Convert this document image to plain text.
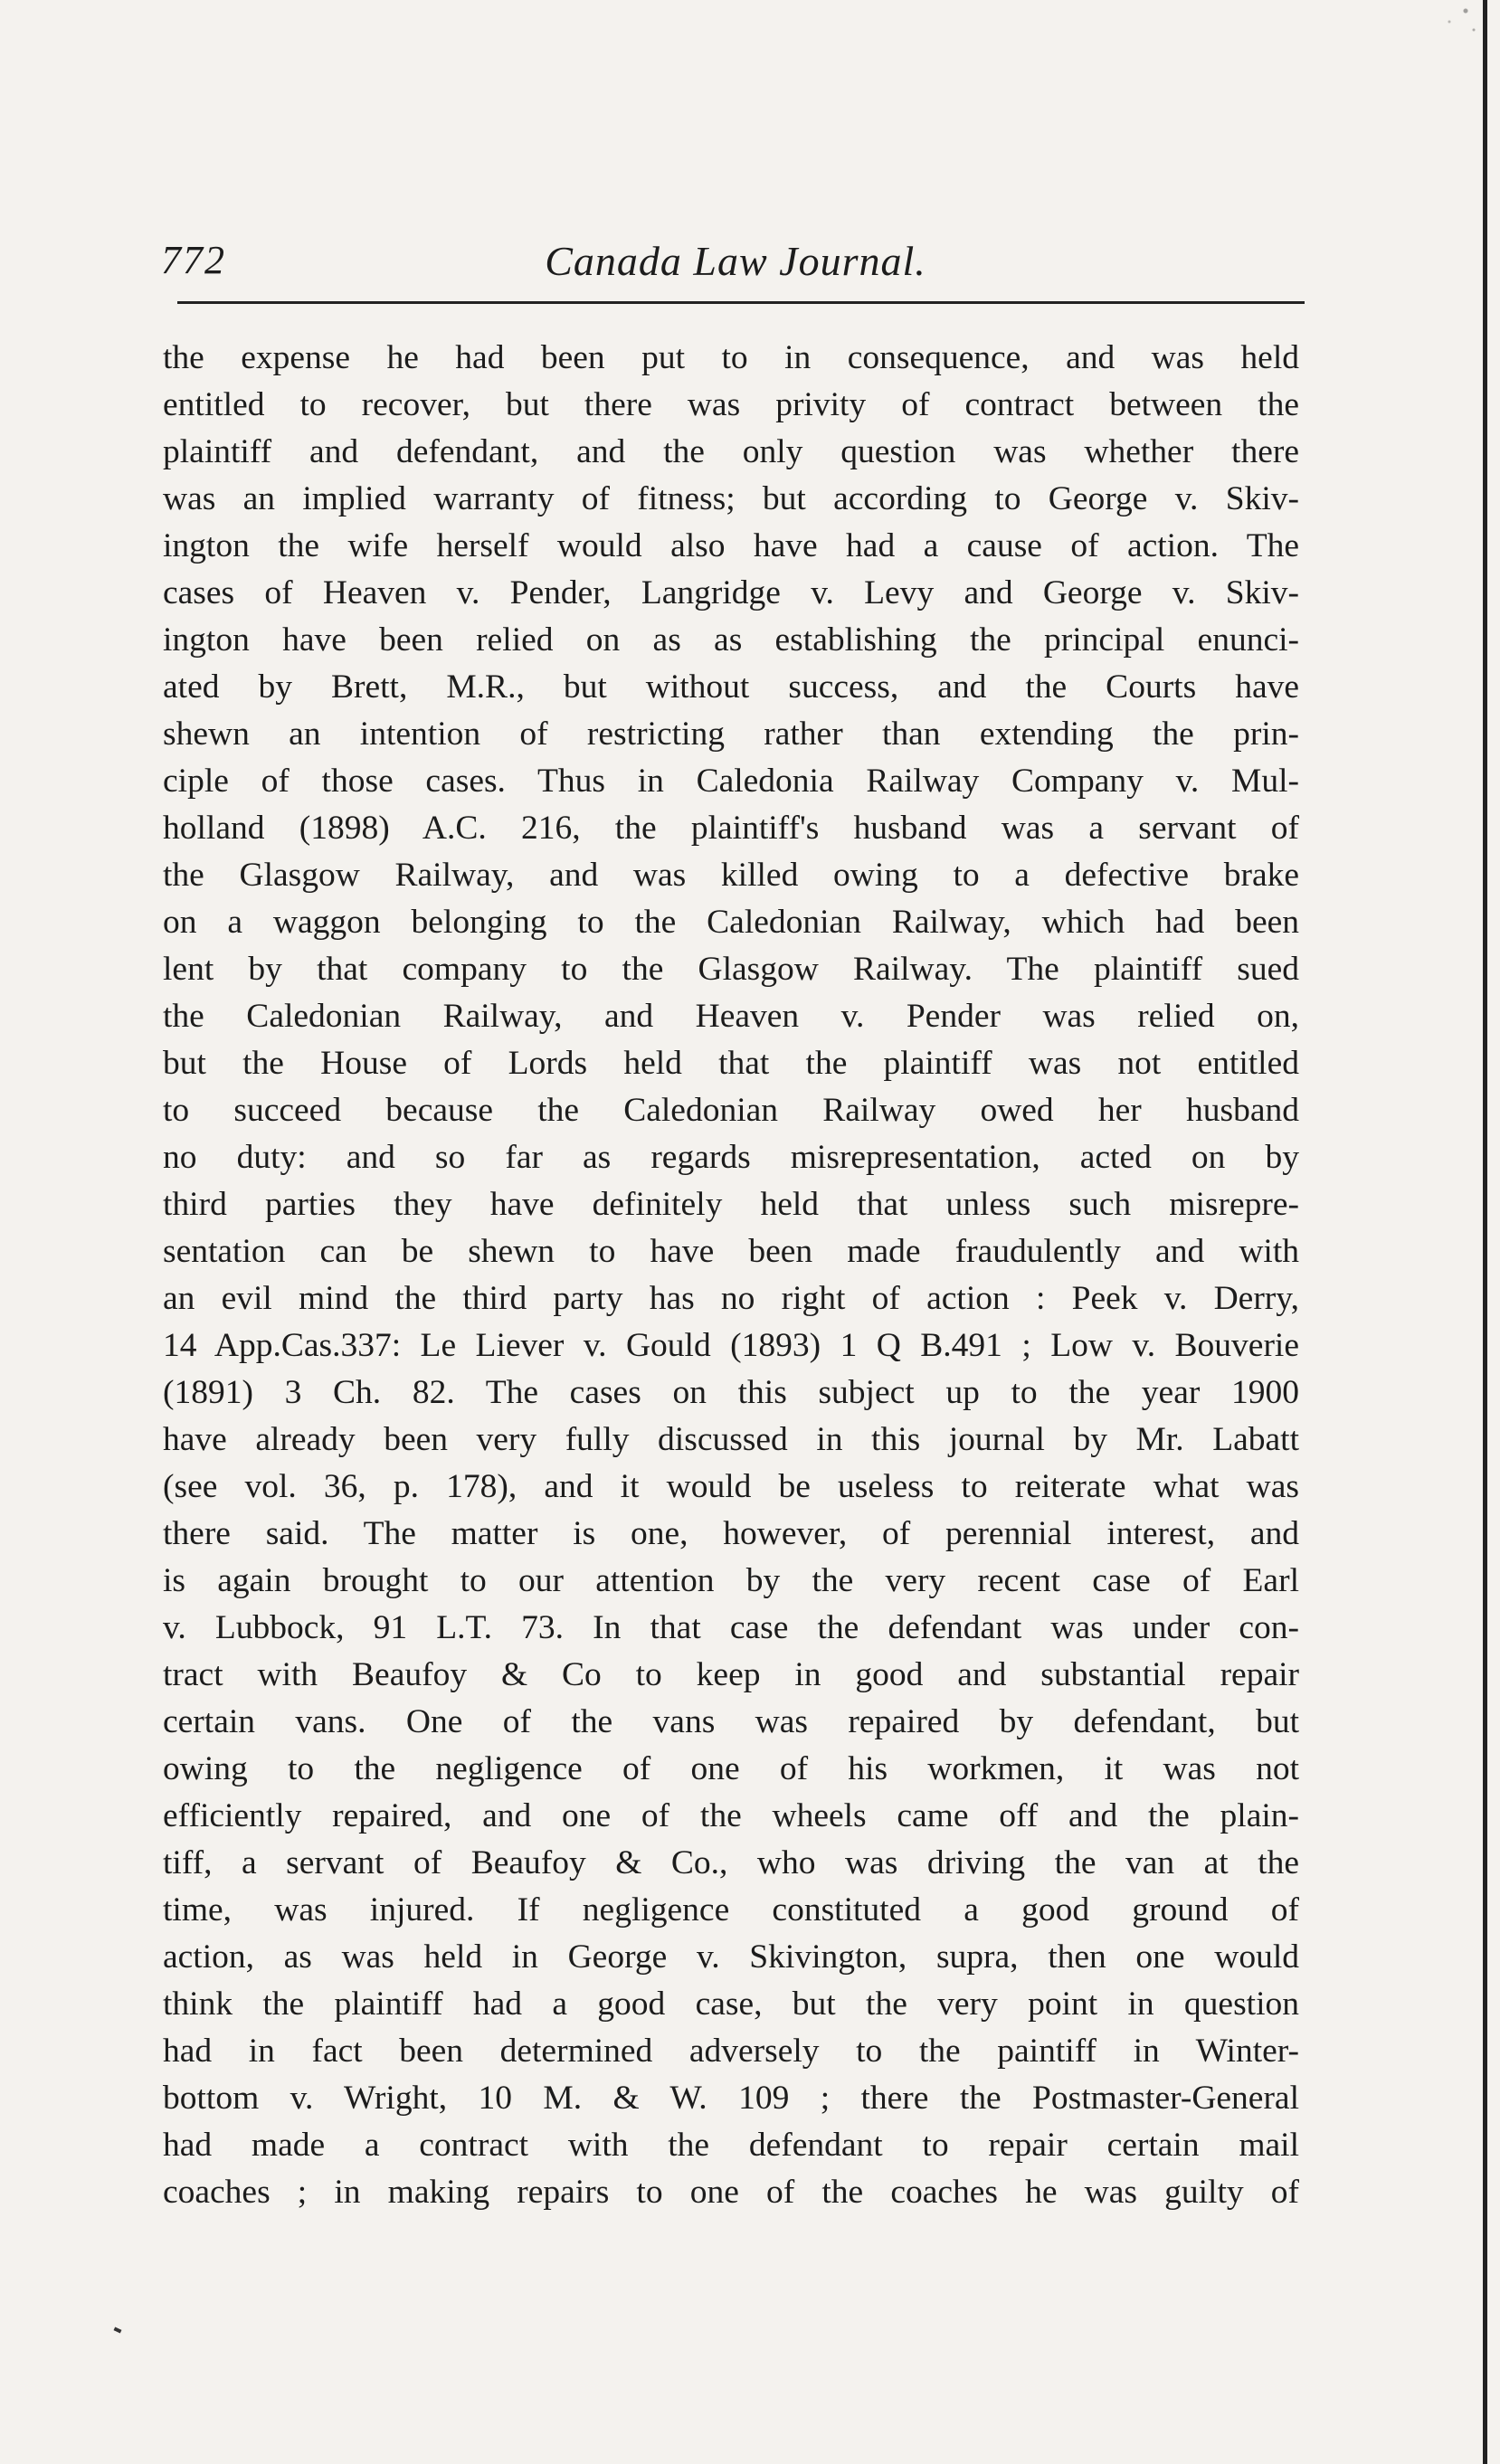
772	Canada Law Journal.
the expense he had been put to in consequence, and was held
entitled to recover, but there was privity of contract between the
plaintiff and defendant, and the only question was whether there
was an implied warranty of fitness; but according to George v. Skiv-
ington the wife herself would also have had a cause of action. The
cases of Heaven v. Pender, Langridge v. Levy and George v. Skiv-
ington have been relied on as as establishing the principal enunci-
ated by Brett, M.R., but without success, and the Courts have
shewn an intention of restricting rather than extending the prin-
ciple of those cases. Thus in Caledonia Railway Company v. Mul-
holland (1898) A.C. 216, the plaintiff's husband was a servant of
the Glasgow Railway, and was killed owing to a defective brake
on a waggon belonging to the Caledonian Railway, which had been
lent by that company to the Glasgow Railway. The plaintiff sued
the Caledonian Railway, and Heaven v. Pender was relied on,
but the House of Lords held that the plaintiff was not entitled
to succeed because the Caledonian Railway owed her husband
no duty: and so far as regards misrepresentation, acted on by
third parties they have definitely held that unless such misrepre-
sentation can be shewn to have been made fraudulently and with
an evil mind the third party has no right of action : Peek v. Derry,
14 App.Cas.337: Le Liever v. Gould (1893) 1 Q B.491 ; Low v. Bouverie
(1891) 3 Ch. 82. The cases on this subject up to the year 1900
have already been very fully discussed in this journal by Mr. Labatt
(see vol. 36, p. 178), and it would be useless to reiterate what was
there said. The matter is one, however, of perennial interest, and
is again brought to our attention by the very recent case of Earl
v. Lubbock, 91 L.T. 73. In that case the defendant was under con-
tract with Beaufoy & Co to keep in good and substantial repair
certain vans. One of the vans was repaired by defendant, but
owing to the negligence of one of his workmen, it was not
efficiently repaired, and one of the wheels came off and the plain-
tiff, a servant of Beaufoy & Co., who was driving the van at the
time, was injured. If negligence constituted a good ground of
action, as was held in George v. Skivington, supra, then one would
think the plaintiff had a good case, but the very point in question
had in fact been determined adversely to the paintiff in Winter-
bottom v. Wright, 10 M. & W. 109 ; there the Postmaster-General
had made a contract with the defendant to repair certain mail
coaches ; in making repairs to one of the coaches he was guilty of
